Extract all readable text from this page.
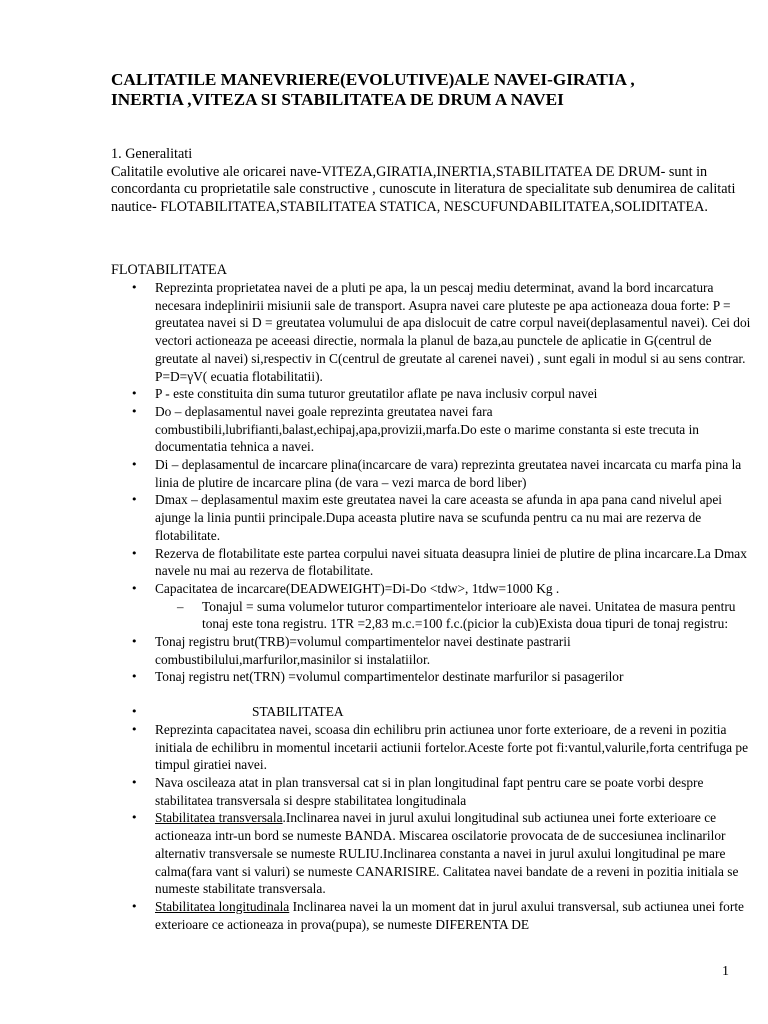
CALITATILE MANEVRIERE(EVOLUTIVE)ALE NAVEI-GIRATIA ,
INERTIA ,VITEZA SI STABILITATEA DE DRUM A NAVEI
1. Generalitati
Calitatile evolutive ale oricarei nave-VITEZA,GIRATIA,INERTIA,STABILITATEA DE DRUM- sunt in concordanta cu proprietatile sale constructive , cunoscute in literatura de specialitate sub denumirea de calitati nautice- FLOTABILITATEA,STABILITATEA STATICA, NESCUFUNDABILITATEA,SOLIDITATEA.
FLOTABILITATEA
• Reprezinta proprietatea navei de a pluti pe apa, la un pescaj mediu determinat, avand la bord incarcatura necesara indeplinirii misiunii sale de transport. Asupra navei care pluteste pe apa actioneaza doua forte: P = greutatea navei si D = greutatea volumului de apa dislocuit de catre corpul navei(deplasamentul navei). Cei doi vectori actioneaza pe aceeasi directie, normala la planul de baza,au punctele de aplicatie in G(centrul de greutate al navei) si,respectiv in C(centrul de greutate al carenei navei) , sunt egali in modul si au sens contrar. P=D=γV( ecuatia flotabilitatii).
• P - este constituita din suma tuturor greutatilor aflate pe nava inclusiv corpul navei
• Do – deplasamentul navei goale reprezinta greutatea navei fara combustibili,lubrifianti,balast,echipaj,apa,provizii,marfa.Do este o marime constanta si este trecuta in documentatia tehnica a navei.
• Di – deplasamentul de incarcare plina(incarcare de vara) reprezinta greutatea navei incarcata cu marfa pina la linia de plutire de incarcare plina (de vara – vezi marca de bord liber)
• Dmax – deplasamentul maxim este greutatea navei la care aceasta se afunda in apa pana cand nivelul apei ajunge la linia puntii principale.Dupa aceasta plutire nava se scufunda pentru ca nu mai are rezerva de flotabilitate.
• Rezerva de flotabilitate este partea corpului navei situata deasupra liniei de plutire de plina incarcare.La Dmax navele nu mai au rezerva de flotabilitate.
• Capacitatea de incarcare(DEADWEIGHT)=Di-Do <tdw>, 1tdw=1000 Kg .
– Tonajul = suma volumelor tuturor compartimentelor interioare ale navei. Unitatea de masura pentru tonaj este tona registru. 1TR =2,83 m.c.=100 f.c.(picior la cub)Exista doua tipuri de tonaj registru:
• Tonaj registru brut(TRB)=volumul compartimentelor navei destinate pastrarii combustibilului,marfurilor,masinilor si instalatiilor.
• Tonaj registru net(TRN) =volumul compartimentelor destinate marfurilor si pasagerilor
•	STABILITATEA
• Reprezinta capacitatea navei, scoasa din echilibru prin actiunea unor forte exterioare, de a reveni in pozitia initiala de echilibru in momentul incetarii actiunii fortelor.Aceste forte pot fi:vantul,valurile,forta centrifuga pe timpul giratiei navei.
• Nava oscileaza atat in plan transversal cat si in plan longitudinal fapt pentru care se poate vorbi despre stabilitatea transversala si despre stabilitatea longitudinala
• Stabilitatea transversala.Inclinarea navei in jurul axului longitudinal sub actiunea unei forte exterioare ce actioneaza intr-un bord se numeste BANDA. Miscarea oscilatorie provocata de de succesiunea inclinarilor alternativ transversale se numeste RULIU.Inclinarea constanta a navei in jurul axului longitudinal pe mare calma(fara vant si valuri) se numeste CANARISIRE. Calitatea navei bandate de a reveni in pozitia initiala se numeste stabilitate transversala.
• Stabilitatea longitudinala Inclinarea navei la un moment dat in jurul axului transversal, sub actiunea unei forte exterioare ce actioneaza in prova(pupa), se numeste DIFERENTA DE
1
